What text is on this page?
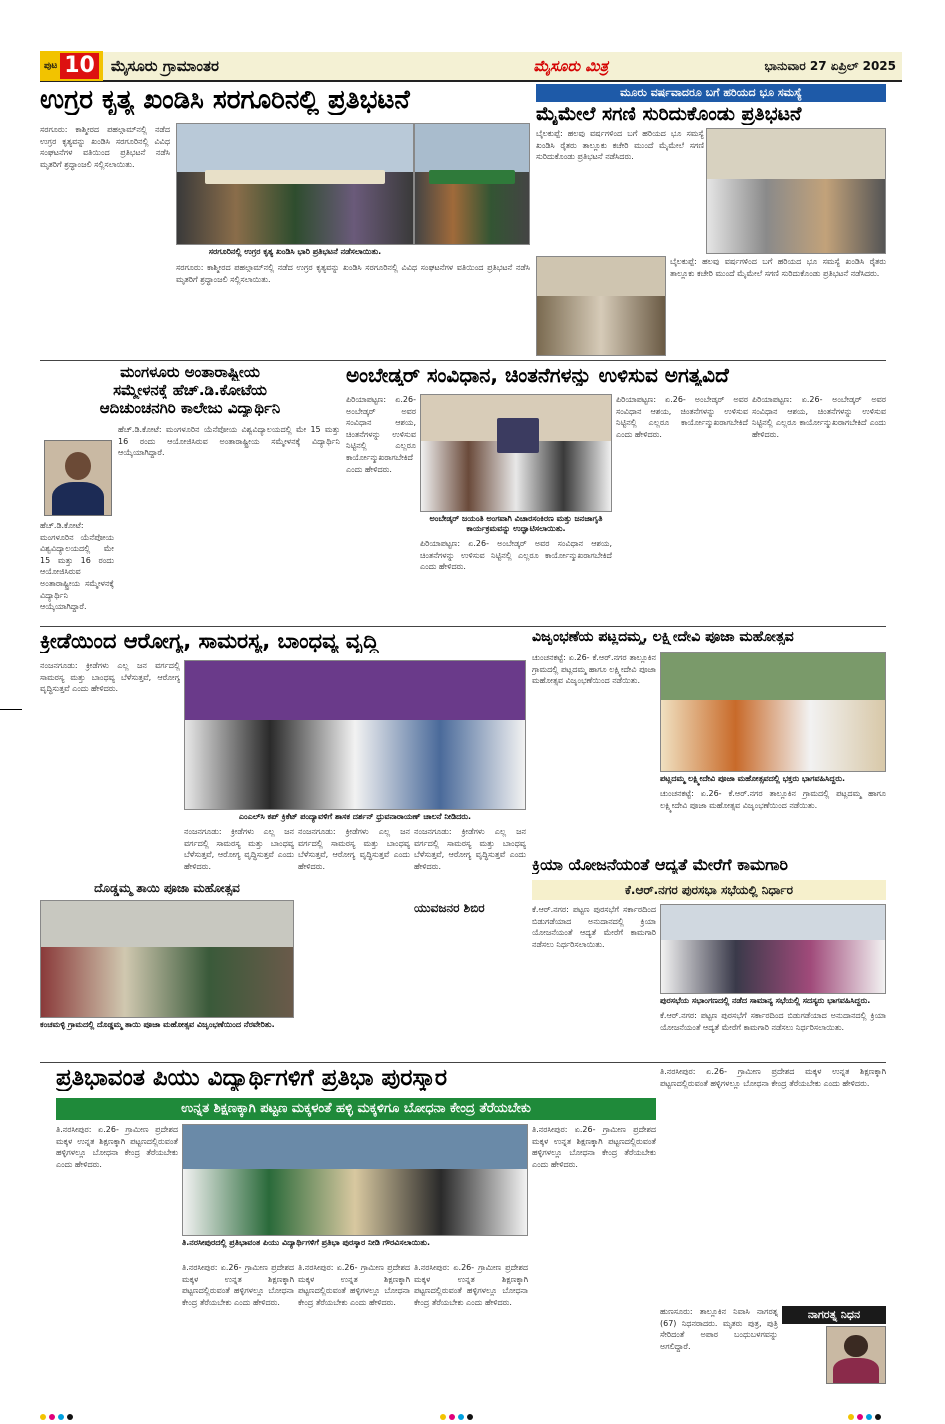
ಪುಟ 10 ಮೈಸೂರು ಗ್ರಾಮಾಂತರ	ಮೈಸೂರು ಮಿತ್ರ	ಭಾನುವಾರ 27 ಏಪ್ರಿಲ್ 2025
ಉಗ್ರರ ಕೃತ್ಯ ಖಂಡಿಸಿ ಸರಗೂರಿನಲ್ಲಿ ಪ್ರತಿಭಟನೆ
ಸರಗೂರಿನಲ್ಲಿ ಉಗ್ರರ ಕೃತ್ಯ ಖಂಡಿಸಿ ಭಾರಿ ಪ್ರತಿಭಟನೆ ನಡೆಸಲಾಯಿತು.
ಸರಗೂರು: ಕಾಶ್ಮೀರದ ಪಹಲ್ಗಾಮ್‌ನಲ್ಲಿ ನಡೆದ ಉಗ್ರರ ಕೃತ್ಯವನ್ನು ಖಂಡಿಸಿ ಸರಗೂರಿನಲ್ಲಿ ವಿವಿಧ ಸಂಘಟನೆಗಳ ವತಿಯಿಂದ ಪ್ರತಿಭಟನೆ ನಡೆಸಿ ಮೃತರಿಗೆ ಶ್ರದ್ಧಾಂಜಲಿ ಸಲ್ಲಿಸಲಾಯಿತು.
ಸರಗೂರು: ಕಾಶ್ಮೀರದ ಪಹಲ್ಗಾಮ್‌ನಲ್ಲಿ ನಡೆದ ಉಗ್ರರ ಕೃತ್ಯವನ್ನು ಖಂಡಿಸಿ ಸರಗೂರಿನಲ್ಲಿ ವಿವಿಧ ಸಂಘಟನೆಗಳ ವತಿಯಿಂದ ಪ್ರತಿಭಟನೆ ನಡೆಸಿ ಮೃತರಿಗೆ ಶ್ರದ್ಧಾಂಜಲಿ ಸಲ್ಲಿಸಲಾಯಿತು.
ಮೂರು ವರ್ಷವಾದರೂ ಬಗೆ ಹರಿಯದ ಭೂ ಸಮಸ್ಯೆ
ಮೈಮೇಲೆ ಸಗಣಿ ಸುರಿದುಕೊಂಡು ಪ್ರತಿಭಟನೆ
ಬೈಲಕುಪ್ಪೆ: ಹಲವು ವರ್ಷಗಳಿಂದ ಬಗೆ ಹರಿಯದ ಭೂ ಸಮಸ್ಯೆ ಖಂಡಿಸಿ ರೈತರು ತಾಲ್ಲೂಕು ಕಚೇರಿ ಮುಂದೆ ಮೈಮೇಲೆ ಸಗಣಿ ಸುರಿದುಕೊಂಡು ಪ್ರತಿಭಟನೆ ನಡೆಸಿದರು.
ಬೈಲಕುಪ್ಪೆ: ಹಲವು ವರ್ಷಗಳಿಂದ ಬಗೆ ಹರಿಯದ ಭೂ ಸಮಸ್ಯೆ ಖಂಡಿಸಿ ರೈತರು ತಾಲ್ಲೂಕು ಕಚೇರಿ ಮುಂದೆ ಮೈಮೇಲೆ ಸಗಣಿ ಸುರಿದುಕೊಂಡು ಪ್ರತಿಭಟನೆ ನಡೆಸಿದರು.
ಮಂಗಳೂರು ಅಂತಾರಾಷ್ಟ್ರೀಯ
ಸಮ್ಮೇಳನಕ್ಕೆ ಹೆಚ್.ಡಿ.ಕೋಟೆಯ
ಆದಿಚುಂಚನಗಿರಿ ಕಾಲೇಜು ವಿದ್ಯಾರ್ಥಿನಿ
ಹೆಚ್.ಡಿ.ಕೋಟೆ: ಮಂಗಳೂರಿನ ಯೆನೆಪೋಯ ವಿಶ್ವವಿದ್ಯಾಲಯದಲ್ಲಿ ಮೇ 15 ಮತ್ತು 16 ರಂದು ಆಯೋಜಿಸಿರುವ ಅಂತಾರಾಷ್ಟ್ರೀಯ ಸಮ್ಮೇಳನಕ್ಕೆ ವಿದ್ಯಾರ್ಥಿನಿ ಆಯ್ಕೆಯಾಗಿದ್ದಾರೆ.
ಹೆಚ್.ಡಿ.ಕೋಟೆ: ಮಂಗಳೂರಿನ ಯೆನೆಪೋಯ ವಿಶ್ವವಿದ್ಯಾಲಯದಲ್ಲಿ ಮೇ 15 ಮತ್ತು 16 ರಂದು ಆಯೋಜಿಸಿರುವ ಅಂತಾರಾಷ್ಟ್ರೀಯ ಸಮ್ಮೇಳನಕ್ಕೆ ವಿದ್ಯಾರ್ಥಿನಿ ಆಯ್ಕೆಯಾಗಿದ್ದಾರೆ.
ಅಂಬೇಡ್ಕರ್ ಸಂವಿಧಾನ, ಚಿಂತನೆಗಳನ್ನು ಉಳಿಸುವ ಅಗತ್ಯವಿದೆ
ಪಿರಿಯಾಪಟ್ಟಣ: ಏ.26- ಅಂಬೇಡ್ಕರ್ ಅವರ ಸಂವಿಧಾನ ಆಶಯ, ಚಿಂತನೆಗಳನ್ನು ಉಳಿಸುವ ನಿಟ್ಟಿನಲ್ಲಿ ಎಲ್ಲರೂ ಕಾರ್ಯೋನ್ಮುಖರಾಗಬೇಕಿದೆ ಎಂದು ಹೇಳಿದರು.
ಅಂಬೇಡ್ಕರ್ ಜಯಂತಿ ಅಂಗವಾಗಿ ವಿಚಾರಸಂಕಿರಣ ಮತ್ತು ಜನಜಾಗೃತಿ ಕಾರ್ಯಕ್ರಮವನ್ನು ಉದ್ಘಾಟಿಸಲಾಯಿತು.
ಪಿರಿಯಾಪಟ್ಟಣ: ಏ.26- ಅಂಬೇಡ್ಕರ್ ಅವರ ಸಂವಿಧಾನ ಆಶಯ, ಚಿಂತನೆಗಳನ್ನು ಉಳಿಸುವ ನಿಟ್ಟಿನಲ್ಲಿ ಎಲ್ಲರೂ ಕಾರ್ಯೋನ್ಮುಖರಾಗಬೇಕಿದೆ ಎಂದು ಹೇಳಿದರು.
ಪಿರಿಯಾಪಟ್ಟಣ: ಏ.26- ಅಂಬೇಡ್ಕರ್ ಅವರ ಸಂವಿಧಾನ ಆಶಯ, ಚಿಂತನೆಗಳನ್ನು ಉಳಿಸುವ ನಿಟ್ಟಿನಲ್ಲಿ ಎಲ್ಲರೂ ಕಾರ್ಯೋನ್ಮುಖರಾಗಬೇಕಿದೆ ಎಂದು ಹೇಳಿದರು.
ಪಿರಿಯಾಪಟ್ಟಣ: ಏ.26- ಅಂಬೇಡ್ಕರ್ ಅವರ ಸಂವಿಧಾನ ಆಶಯ, ಚಿಂತನೆಗಳನ್ನು ಉಳಿಸುವ ನಿಟ್ಟಿನಲ್ಲಿ ಎಲ್ಲರೂ ಕಾರ್ಯೋನ್ಮುಖರಾಗಬೇಕಿದೆ ಎಂದು ಹೇಳಿದರು.
ಕ್ರೀಡೆಯಿಂದ ಆರೋಗ್ಯ, ಸಾಮರಸ್ಯ, ಬಾಂಧವ್ಯ ವೃದ್ಧಿ
ನಂಜನಗೂಡು: ಕ್ರೀಡೆಗಳು ಎಲ್ಲ ಜನ ವರ್ಗದಲ್ಲಿ ಸಾಮರಸ್ಯ ಮತ್ತು ಬಾಂಧವ್ಯ ಬೆಳೆಸುತ್ತವೆ, ಆರೋಗ್ಯ ವೃದ್ಧಿಸುತ್ತವೆ ಎಂದು ಹೇಳಿದರು.
ಎಂಎಲ್‌ಸಿ ಕಪ್ ಕ್ರಿಕೆಟ್ ಪಂದ್ಯಾವಳಿಗೆ ಶಾಸಕ ದರ್ಶನ್ ಧ್ರುವನಾರಾಯಣ್ ಚಾಲನೆ ನೀಡಿದರು.
ನಂಜನಗೂಡು: ಕ್ರೀಡೆಗಳು ಎಲ್ಲ ಜನ ವರ್ಗದಲ್ಲಿ ಸಾಮರಸ್ಯ ಮತ್ತು ಬಾಂಧವ್ಯ ಬೆಳೆಸುತ್ತವೆ, ಆರೋಗ್ಯ ವೃದ್ಧಿಸುತ್ತವೆ ಎಂದು ಹೇಳಿದರು.
ನಂಜನಗೂಡು: ಕ್ರೀಡೆಗಳು ಎಲ್ಲ ಜನ ವರ್ಗದಲ್ಲಿ ಸಾಮರಸ್ಯ ಮತ್ತು ಬಾಂಧವ್ಯ ಬೆಳೆಸುತ್ತವೆ, ಆರೋಗ್ಯ ವೃದ್ಧಿಸುತ್ತವೆ ಎಂದು ಹೇಳಿದರು.
ನಂಜನಗೂಡು: ಕ್ರೀಡೆಗಳು ಎಲ್ಲ ಜನ ವರ್ಗದಲ್ಲಿ ಸಾಮರಸ್ಯ ಮತ್ತು ಬಾಂಧವ್ಯ ಬೆಳೆಸುತ್ತವೆ, ಆರೋಗ್ಯ ವೃದ್ಧಿಸುತ್ತವೆ ಎಂದು ಹೇಳಿದರು.
ದೊಡ್ಡಮ್ಮ ತಾಯಿ ಪೂಜಾ ಮಹೋತ್ಸವ
ಕಂಚಮಳ್ಳಿ ಗ್ರಾಮದಲ್ಲಿ ದೊಡ್ಡಮ್ಮ ತಾಯಿ ಪೂಜಾ ಮಹೋತ್ಸವ ವಿಜೃಂಭಣೆಯಿಂದ ನೆರವೇರಿತು.
ಯುವಜನರ ಶಿಬಿರ
ವಿಜೃಂಭಣೆಯ ಪಟ್ಲದಮ್ಮ, ಲಕ್ಷ್ಮೀದೇವಿ ಪೂಜಾ ಮಹೋತ್ಸವ
ಚುಂಚನಕಟ್ಟೆ: ಏ.26- ಕೆ.ಆರ್.ನಗರ ತಾಲ್ಲೂಕಿನ ಗ್ರಾಮದಲ್ಲಿ ಪಟ್ಲದಮ್ಮ ಹಾಗೂ ಲಕ್ಷ್ಮೀದೇವಿ ಪೂಜಾ ಮಹೋತ್ಸವ ವಿಜೃಂಭಣೆಯಿಂದ ನಡೆಯಿತು.
ಪಟ್ಲದಮ್ಮ ಲಕ್ಷ್ಮೀದೇವಿ ಪೂಜಾ ಮಹೋತ್ಸವದಲ್ಲಿ ಭಕ್ತರು ಭಾಗವಹಿಸಿದ್ದರು.
ಚುಂಚನಕಟ್ಟೆ: ಏ.26- ಕೆ.ಆರ್.ನಗರ ತಾಲ್ಲೂಕಿನ ಗ್ರಾಮದಲ್ಲಿ ಪಟ್ಲದಮ್ಮ ಹಾಗೂ ಲಕ್ಷ್ಮೀದೇವಿ ಪೂಜಾ ಮಹೋತ್ಸವ ವಿಜೃಂಭಣೆಯಿಂದ ನಡೆಯಿತು.
ಕ್ರಿಯಾ ಯೋಜನೆಯಂತೆ ಆದ್ಯತೆ ಮೇರೆಗೆ ಕಾಮಗಾರಿ
ಕೆ.ಆರ್.ನಗರ ಪುರಸಭಾ ಸಭೆಯಲ್ಲಿ ನಿರ್ಧಾರ
ಕೆ.ಆರ್.ನಗರ: ಪಟ್ಟಣ ಪುರಸಭೆಗೆ ಸರ್ಕಾರದಿಂದ ಬಿಡುಗಡೆಯಾದ ಅನುದಾನದಲ್ಲಿ ಕ್ರಿಯಾ ಯೋಜನೆಯಂತೆ ಆದ್ಯತೆ ಮೇರೆಗೆ ಕಾಮಗಾರಿ ನಡೆಸಲು ನಿರ್ಧರಿಸಲಾಯಿತು.
ಪುರಸಭೆಯ ಸಭಾಂಗಣದಲ್ಲಿ ನಡೆದ ಸಾಮಾನ್ಯ ಸಭೆಯಲ್ಲಿ ಸದಸ್ಯರು ಭಾಗವಹಿಸಿದ್ದರು.
ಕೆ.ಆರ್.ನಗರ: ಪಟ್ಟಣ ಪುರಸಭೆಗೆ ಸರ್ಕಾರದಿಂದ ಬಿಡುಗಡೆಯಾದ ಅನುದಾನದಲ್ಲಿ ಕ್ರಿಯಾ ಯೋಜನೆಯಂತೆ ಆದ್ಯತೆ ಮೇರೆಗೆ ಕಾಮಗಾರಿ ನಡೆಸಲು ನಿರ್ಧರಿಸಲಾಯಿತು.
ಪ್ರತಿಭಾವಂತ ಪಿಯು ವಿದ್ಯಾರ್ಥಿಗಳಿಗೆ ಪ್ರತಿಭಾ ಪುರಸ್ಕಾರ
ಉನ್ನತ ಶಿಕ್ಷಣಕ್ಕಾಗಿ ಪಟ್ಟಣ ಮಕ್ಕಳಂತೆ ಹಳ್ಳಿ ಮಕ್ಕಳಿಗೂ ಬೋಧನಾ ಕೇಂದ್ರ ತೆರೆಯಬೇಕು
ತಿ.ನರಸೀಪುರ: ಏ.26- ಗ್ರಾಮೀಣ ಪ್ರದೇಶದ ಮಕ್ಕಳ ಉನ್ನತ ಶಿಕ್ಷಣಕ್ಕಾಗಿ ಪಟ್ಟಣದಲ್ಲಿರುವಂತೆ ಹಳ್ಳಿಗಳಲ್ಲೂ ಬೋಧನಾ ಕೇಂದ್ರ ತೆರೆಯಬೇಕು ಎಂದು ಹೇಳಿದರು.
ತಿ.ನರಸೀಪುರದಲ್ಲಿ ಪ್ರತಿಭಾವಂತ ಪಿಯು ವಿದ್ಯಾರ್ಥಿಗಳಿಗೆ ಪ್ರತಿಭಾ ಪುರಸ್ಕಾರ ನೀಡಿ ಗೌರವಿಸಲಾಯಿತು.
ತಿ.ನರಸೀಪುರ: ಏ.26- ಗ್ರಾಮೀಣ ಪ್ರದೇಶದ ಮಕ್ಕಳ ಉನ್ನತ ಶಿಕ್ಷಣಕ್ಕಾಗಿ ಪಟ್ಟಣದಲ್ಲಿರುವಂತೆ ಹಳ್ಳಿಗಳಲ್ಲೂ ಬೋಧನಾ ಕೇಂದ್ರ ತೆರೆಯಬೇಕು ಎಂದು ಹೇಳಿದರು.
ತಿ.ನರಸೀಪುರ: ಏ.26- ಗ್ರಾಮೀಣ ಪ್ರದೇಶದ ಮಕ್ಕಳ ಉನ್ನತ ಶಿಕ್ಷಣಕ್ಕಾಗಿ ಪಟ್ಟಣದಲ್ಲಿರುವಂತೆ ಹಳ್ಳಿಗಳಲ್ಲೂ ಬೋಧನಾ ಕೇಂದ್ರ ತೆರೆಯಬೇಕು ಎಂದು ಹೇಳಿದರು.
ತಿ.ನರಸೀಪುರ: ಏ.26- ಗ್ರಾಮೀಣ ಪ್ರದೇಶದ ಮಕ್ಕಳ ಉನ್ನತ ಶಿಕ್ಷಣಕ್ಕಾಗಿ ಪಟ್ಟಣದಲ್ಲಿರುವಂತೆ ಹಳ್ಳಿಗಳಲ್ಲೂ ಬೋಧನಾ ಕೇಂದ್ರ ತೆರೆಯಬೇಕು ಎಂದು ಹೇಳಿದರು.
ತಿ.ನರಸೀಪುರ: ಏ.26- ಗ್ರಾಮೀಣ ಪ್ರದೇಶದ ಮಕ್ಕಳ ಉನ್ನತ ಶಿಕ್ಷಣಕ್ಕಾಗಿ ಪಟ್ಟಣದಲ್ಲಿರುವಂತೆ ಹಳ್ಳಿಗಳಲ್ಲೂ ಬೋಧನಾ ಕೇಂದ್ರ ತೆರೆಯಬೇಕು ಎಂದು ಹೇಳಿದರು.
ತಿ.ನರಸೀಪುರ: ಏ.26- ಗ್ರಾಮೀಣ ಪ್ರದೇಶದ ಮಕ್ಕಳ ಉನ್ನತ ಶಿಕ್ಷಣಕ್ಕಾಗಿ ಪಟ್ಟಣದಲ್ಲಿರುವಂತೆ ಹಳ್ಳಿಗಳಲ್ಲೂ ಬೋಧನಾ ಕೇಂದ್ರ ತೆರೆಯಬೇಕು ಎಂದು ಹೇಳಿದರು.
ನಾಗರತ್ನ ನಿಧನ
ಹುಣಸೂರು: ತಾಲ್ಲೂಕಿನ ನಿವಾಸಿ ನಾಗರತ್ನ (67) ನಿಧನರಾದರು. ಮೃತರು ಪುತ್ರ, ಪುತ್ರಿ ಸೇರಿದಂತೆ ಅಪಾರ ಬಂಧುಬಳಗವನ್ನು ಅಗಲಿದ್ದಾರೆ.
